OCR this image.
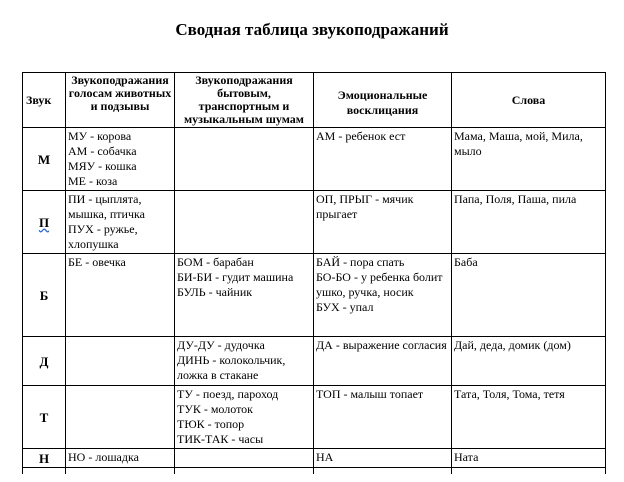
Сводная таблица звукоподражаний
Звук	Звукоподражания голосам животных и подзывы	Звукоподражания бытовым, транспортным и музыкальным шумам	Эмоциональные восклицания	Слова
М	МУ - корова
АМ - собачка
МЯУ - кошка
МЕ - коза		АМ - ребенок ест	Мама, Маша, мой, Мила, мыло

П	ПИ - цыплята, мышка, птичка
ПУХ - ружье, хлопушка		ОП, ПРЫГ - мячик прыгает	Папа, Поля, Паша, пила

Б	БЕ - овечка	БОМ - барабан
БИ-БИ - гудит машина
БУЛЬ - чайник	БАЙ - пора спать
БО-БО - у ребенка болит ушко, ручка, носик
БУХ - упал	Баба

Д		ДУ-ДУ - дудочка
ДИНЬ - колокольчик, ложка в стакане	ДА - выражение согласия	Дай, деда, домик (дом)

Т		ТУ - поезд, пароход
ТУК - молоток
ТЮК - топор
ТИК-ТАК - часы	ТОП - малыш топает	Тата, Толя, Тома, тетя

Н	НО - лошадка		НА	Ната
